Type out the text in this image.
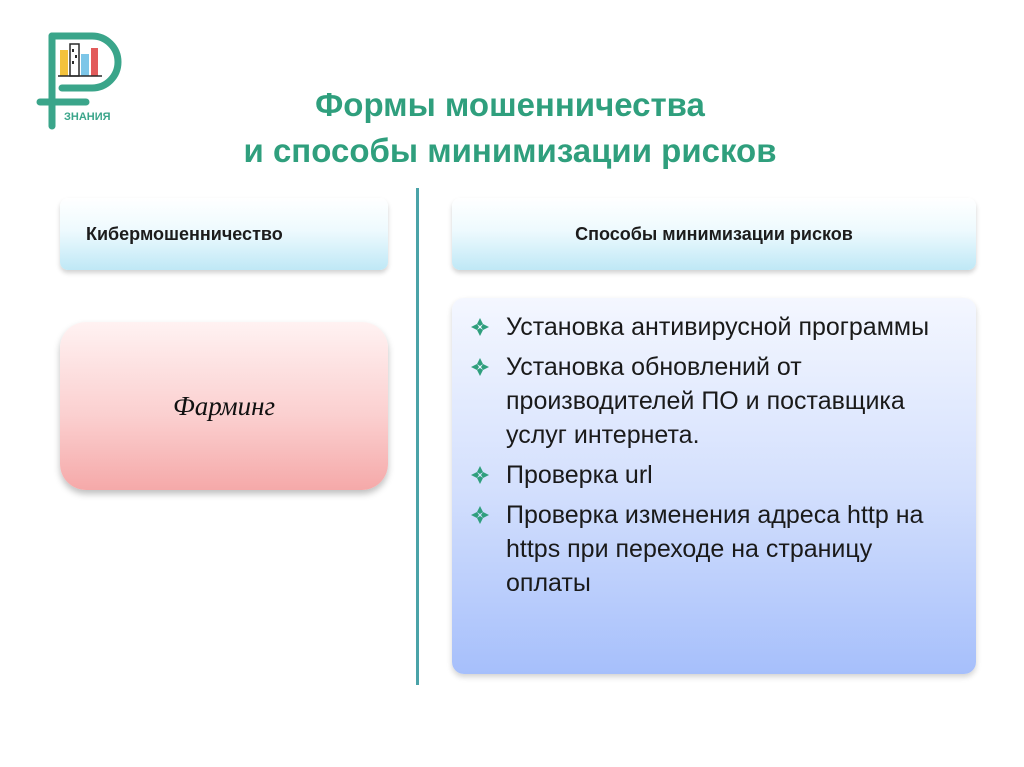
ЗНАНИЯ	Формы мошенничества
и способы минимизации рисков
Кибермошенничество	Способы минимизации рисков
Фарминг
Установка антивирусной программы
Установка обновлений от производителей ПО и поставщика услуг интернета.
Проверка url
Проверка изменения адреса http на https при переходе на страницу оплаты
